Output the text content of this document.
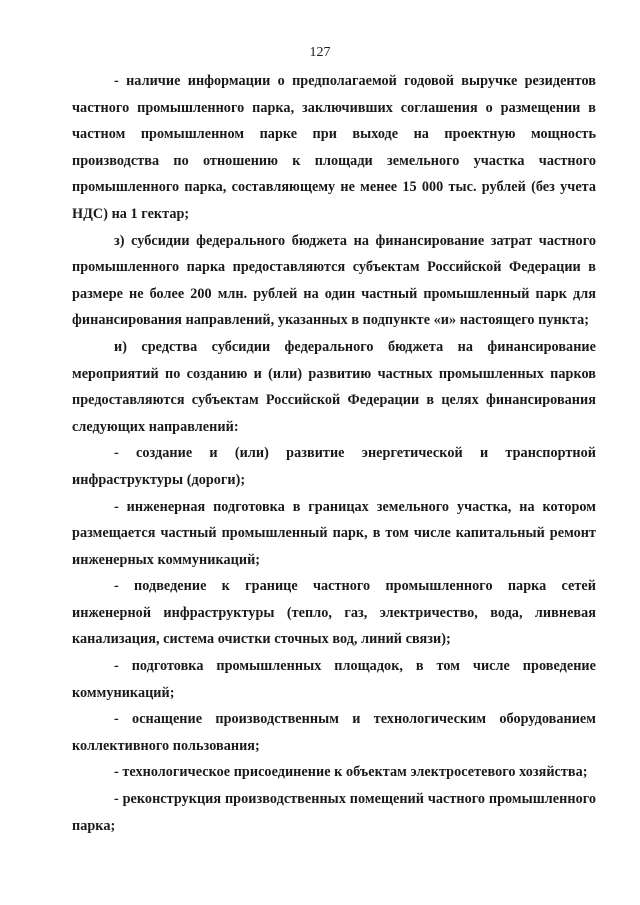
127

- наличие информации о предполагаемой годовой выручке резидентов частного промышленного парка, заключивших соглашения о размещении в частном промышленном парке при выходе на проектную мощность производства по отношению к площади земельного участка частного промышленного парка, составляющему не менее 15 000 тыс. рублей (без учета НДС) на 1 гектар;

з) субсидии федерального бюджета на финансирование затрат частного промышленного парка предоставляются субъектам Российской Федерации в размере не более 200 млн. рублей на один частный промышленный парк для финансирования направлений, указанных в подпункте «и» настоящего пункта;

и) средства субсидии федерального бюджета на финансирование мероприятий по созданию и (или) развитию частных промышленных парков предоставляются субъектам Российской Федерации в целях финансирования следующих направлений:

- создание и (или) развитие энергетической и транспортной инфраструктуры (дороги);

- инженерная подготовка в границах земельного участка, на котором размещается частный промышленный парк, в том числе капитальный ремонт инженерных коммуникаций;

- подведение к границе частного промышленного парка сетей инженерной инфраструктуры (тепло, газ, электричество, вода, ливневая канализация, система очистки сточных вод, линий связи);

- подготовка промышленных площадок, в том числе проведение коммуникаций;

- оснащение производственным и технологическим оборудованием коллективного пользования;

- технологическое присоединение к объектам электросетевого хозяйства;

- реконструкция производственных помещений частного промышленного парка;
